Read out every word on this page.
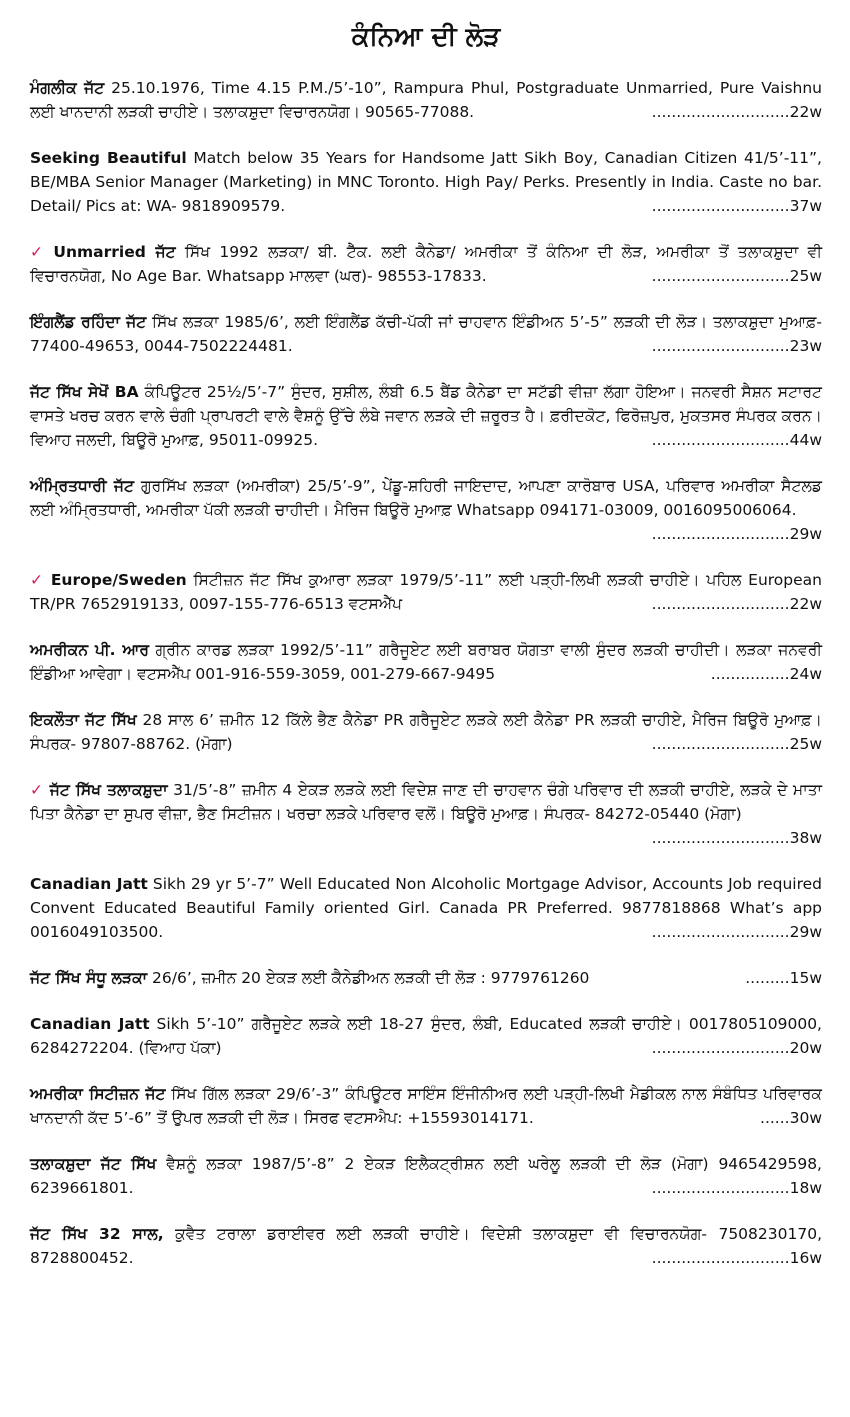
ਕੰਨਿਆ ਦੀ ਲੋੜ
ਮੰਗਲੀਕ ਜੱਟ 25.10.1976, Time 4.15 P.M./5’-10”, Rampura Phul, Postgraduate Unmarried, Pure Vaishnu ਲਈ ਖਾਨਦਾਨੀ ਲੜਕੀ ਚਾਹੀਏ। ਤਲਾਕਸ਼ੁਦਾ ਵਿਚਾਰਨਯੋਗ। 90565-77088.	............................22w
Seeking Beautiful Match below 35 Years for Handsome Jatt Sikh Boy, Canadian Citizen 41/5’-11”, BE/MBA Senior Manager (Marketing) in MNC Toronto. High Pay/ Perks. Presently in India. Caste no bar. Detail/ Pics at: WA- 9818909579.	............................37w
✓ Unmarried ਜੱਟ ਸਿੱਖ 1992 ਲੜਕਾ/ ਬੀ. ਟੈੱਕ. ਲਈ ਕੈਨੇਡਾ/ ਅਮਰੀਕਾ ਤੋਂ ਕੰਨਿਆ ਦੀ ਲੋੜ, ਅਮਰੀਕਾ ਤੋਂ ਤਲਾਕਸ਼ੁਦਾ ਵੀ ਵਿਚਾਰਨਯੋਗ, No Age Bar. Whatsapp ਮਾਲਵਾ (ਘਰ)- 98553-17833.	............................25w
ਇੰਗਲੈਂਡ ਰਹਿੰਦਾ ਜੱਟ ਸਿੱਖ ਲੜਕਾ 1985/6’, ਲਈ ਇੰਗਲੈਂਡ ਕੱਚੀ-ਪੱਕੀ ਜਾਂ ਚਾਹਵਾਨ ਇੰਡੀਅਨ 5’-5” ਲੜਕੀ ਦੀ ਲੋੜ। ਤਲਾਕਸ਼ੁਦਾ ਮੁਆਫ਼- 77400-49653, 0044-7502224481.	............................23w
ਜੱਟ ਸਿੱਖ ਸੇਖੋਂ BA ਕੰਪਿਊਟਰ 25½/5’-7” ਸੁੰਦਰ, ਸੁਸ਼ੀਲ, ਲੰਬੀ 6.5 ਬੈਂਡ ਕੈਨੇਡਾ ਦਾ ਸਟੱਡੀ ਵੀਜ਼ਾ ਲੱਗਾ ਹੋਇਆ। ਜਨਵਰੀ ਸੈਸ਼ਨ ਸਟਾਰਟ ਵਾਸਤੇ ਖਰਚ ਕਰਨ ਵਾਲੇ ਚੰਗੀ ਪ੍ਰਾਪਰਟੀ ਵਾਲੇ ਵੈਸ਼ਨੂੰ ਉੱਚੇ ਲੰਬੇ ਜਵਾਨ ਲੜਕੇ ਦੀ ਜ਼ਰੂਰਤ ਹੈ। ਫ਼ਰੀਦਕੋਟ, ਫਿਰੋਜ਼ਪੁਰ, ਮੁਕਤਸਰ ਸੰਪਰਕ ਕਰਨ। ਵਿਆਹ ਜਲਦੀ, ਬਿਊਰੋ ਮੁਆਫ਼, 95011-09925.	............................44w
ਅੰਮ੍ਰਿਤਧਾਰੀ ਜੱਟ ਗੁਰਸਿੱਖ ਲੜਕਾ (ਅਮਰੀਕਾ) 25/5’-9”, ਪੇਂਡੂ-ਸ਼ਹਿਰੀ ਜਾਇਦਾਦ, ਆਪਣਾ ਕਾਰੋਬਾਰ USA, ਪਰਿਵਾਰ ਅਮਰੀਕਾ ਸੈਟਲਡ ਲਈ ਅੰਮ੍ਰਿਤਧਾਰੀ, ਅਮਰੀਕਾ ਪੱਕੀ ਲੜਕੀ ਚਾਹੀਦੀ। ਮੈਰਿਜ ਬਿਊਰੋ ਮੁਆਫ਼ Whatsapp 094171-03009, 0016095006064.
............................29w
✓ Europe/Sweden ਸਿਟੀਜ਼ਨ ਜੱਟ ਸਿੱਖ ਕੁਆਰਾ ਲੜਕਾ 1979/5’-11” ਲਈ ਪੜ੍ਹੀ-ਲਿਖੀ ਲੜਕੀ ਚਾਹੀਏ। ਪਹਿਲ European TR/PR 7652919133, 0097-155-776-6513 ਵਟਸਐੱਪ	............................22w
ਅਮਰੀਕਨ ਪੀ. ਆਰ ਗ੍ਰੀਨ ਕਾਰਡ ਲੜਕਾ 1992/5’-11” ਗਰੈਜੂਏਟ ਲਈ ਬਰਾਬਰ ਯੋਗਤਾ ਵਾਲੀ ਸੁੰਦਰ ਲੜਕੀ ਚਾਹੀਦੀ। ਲੜਕਾ ਜਨਵਰੀ ਇੰਡੀਆ ਆਵੇਗਾ। ਵਟਸਐੱਪ 001-916-559-3059, 001-279-667-9495	................24w
ਇਕਲੌਤਾ ਜੱਟ ਸਿੱਖ 28 ਸਾਲ 6’ ਜ਼ਮੀਨ 12 ਕਿੱਲੇ ਭੈਣ ਕੈਨੇਡਾ PR ਗਰੈਜੂਏਟ ਲੜਕੇ ਲਈ ਕੈਨੇਡਾ PR ਲੜਕੀ ਚਾਹੀਏ, ਮੈਰਿਜ ਬਿਊਰੋ ਮੁਆਫ਼। ਸੰਪਰਕ- 97807-88762. (ਮੋਗਾ)	............................25w
✓ ਜੱਟ ਸਿੱਖ ਤਲਾਕਸ਼ੁਦਾ 31/5’-8” ਜ਼ਮੀਨ 4 ਏਕੜ ਲੜਕੇ ਲਈ ਵਿਦੇਸ਼ ਜਾਣ ਦੀ ਚਾਹਵਾਨ ਚੰਗੇ ਪਰਿਵਾਰ ਦੀ ਲੜਕੀ ਚਾਹੀਏ, ਲੜਕੇ ਦੇ ਮਾਤਾ ਪਿਤਾ ਕੈਨੇਡਾ ਦਾ ਸੁਪਰ ਵੀਜ਼ਾ, ਭੈਣ ਸਿਟੀਜ਼ਨ। ਖਰਚਾ ਲੜਕੇ ਪਰਿਵਾਰ ਵਲੋਂ। ਬਿਊਰੋ ਮੁਆਫ਼। ਸੰਪਰਕ- 84272-05440 (ਮੋਗਾ)
............................38w
Canadian Jatt Sikh 29 yr 5’-7” Well Educated Non Alcoholic Mortgage Advisor, Accounts Job required Convent Educated Beautiful Family oriented Girl. Canada PR Preferred. 9877818868 What’s app 0016049103500.	............................29w
ਜੱਟ ਸਿੱਖ ਸੰਧੂ ਲੜਕਾ 26/6’, ਜ਼ਮੀਨ 20 ਏਕੜ ਲਈ ਕੈਨੇਡੀਅਨ ਲੜਕੀ ਦੀ ਲੋੜ : 9779761260	.........15w
Canadian Jatt Sikh 5’-10” ਗਰੈਜੂਏਟ ਲੜਕੇ ਲਈ 18-27 ਸੁੰਦਰ, ਲੰਬੀ, Educated ਲੜਕੀ ਚਾਹੀਏ। 0017805109000, 6284272204. (ਵਿਆਹ ਪੱਕਾ)	............................20w
ਅਮਰੀਕਾ ਸਿਟੀਜ਼ਨ ਜੱਟ ਸਿੱਖ ਗਿੱਲ ਲੜਕਾ 29/6’-3” ਕੰਪਿਊਟਰ ਸਾਇੰਸ ਇੰਜੀਨੀਅਰ ਲਈ ਪੜ੍ਹੀ-ਲਿਖੀ ਮੈਡੀਕਲ ਨਾਲ ਸੰਬੰਧਿਤ ਪਰਿਵਾਰਕ ਖਾਨਦਾਨੀ ਕੱਦ 5’-6” ਤੋਂ ਉਪਰ ਲੜਕੀ ਦੀ ਲੋੜ। ਸਿਰਫ ਵਟਸਐਪ: +15593014171.	......30w
ਤਲਾਕਸ਼ੁਦਾ ਜੱਟ ਸਿੱਖ ਵੈਸ਼ਨੂੰ ਲੜਕਾ 1987/5’-8” 2 ਏਕੜ ਇਲੈਕਟ੍ਰੀਸ਼ਨ ਲਈ ਘਰੇਲੂ ਲੜਕੀ ਦੀ ਲੋੜ (ਮੋਗਾ) 9465429598, 6239661801.	............................18w
ਜੱਟ ਸਿੱਖ 32 ਸਾਲ, ਕੁਵੈਤ ਟਰਾਲਾ ਡਰਾਈਵਰ ਲਈ ਲੜਕੀ ਚਾਹੀਏ। ਵਿਦੇਸ਼ੀ ਤਲਾਕਸ਼ੁਦਾ ਵੀ ਵਿਚਾਰਨਯੋਗ- 7508230170, 8728800452.	............................16w
